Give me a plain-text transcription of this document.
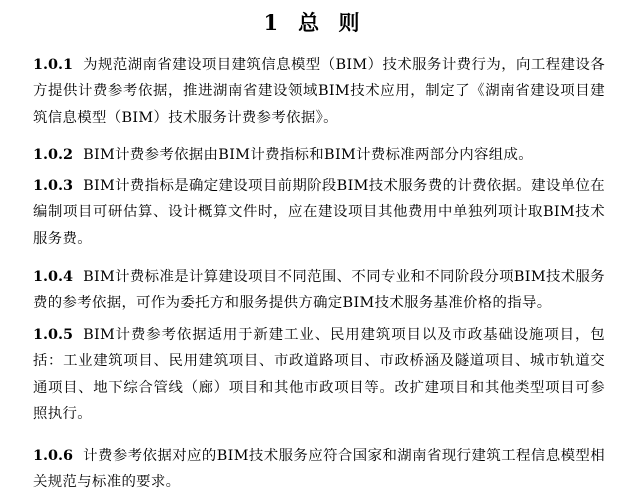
1 总 则

1.0.1 为规范湖南省建设项目建筑信息模型（BIM）技术服务计费行为，向工程建设各方提供计费参考依据，推进湖南省建设领域BIM技术应用，制定了《湖南省建设项目建筑信息模型（BIM）技术服务计费参考依据》。

1.0.2 BIM计费参考依据由BIM计费指标和BIM计费标准两部分内容组成。

1.0.3 BIM计费指标是确定建设项目前期阶段BIM技术服务费的计费依据。建设单位在编制项目可研估算、设计概算文件时，应在建设项目其他费用中单独列项计取BIM技术服务费。

1.0.4 BIM计费标准是计算建设项目不同范围、不同专业和不同阶段分项BIM技术服务费的参考依据，可作为委托方和服务提供方确定BIM技术服务基准价格的指导。

1.0.5 BIM计费参考依据适用于新建工业、民用建筑项目以及市政基础设施项目，包括：工业建筑项目、民用建筑项目、市政道路项目、市政桥涵及隧道项目、城市轨道交通项目、地下综合管线（廊）项目和其他市政项目等。改扩建项目和其他类型项目可参照执行。

1.0.6 计费参考依据对应的BIM技术服务应符合国家和湖南省现行建筑工程信息模型相关规范与标准的要求。
